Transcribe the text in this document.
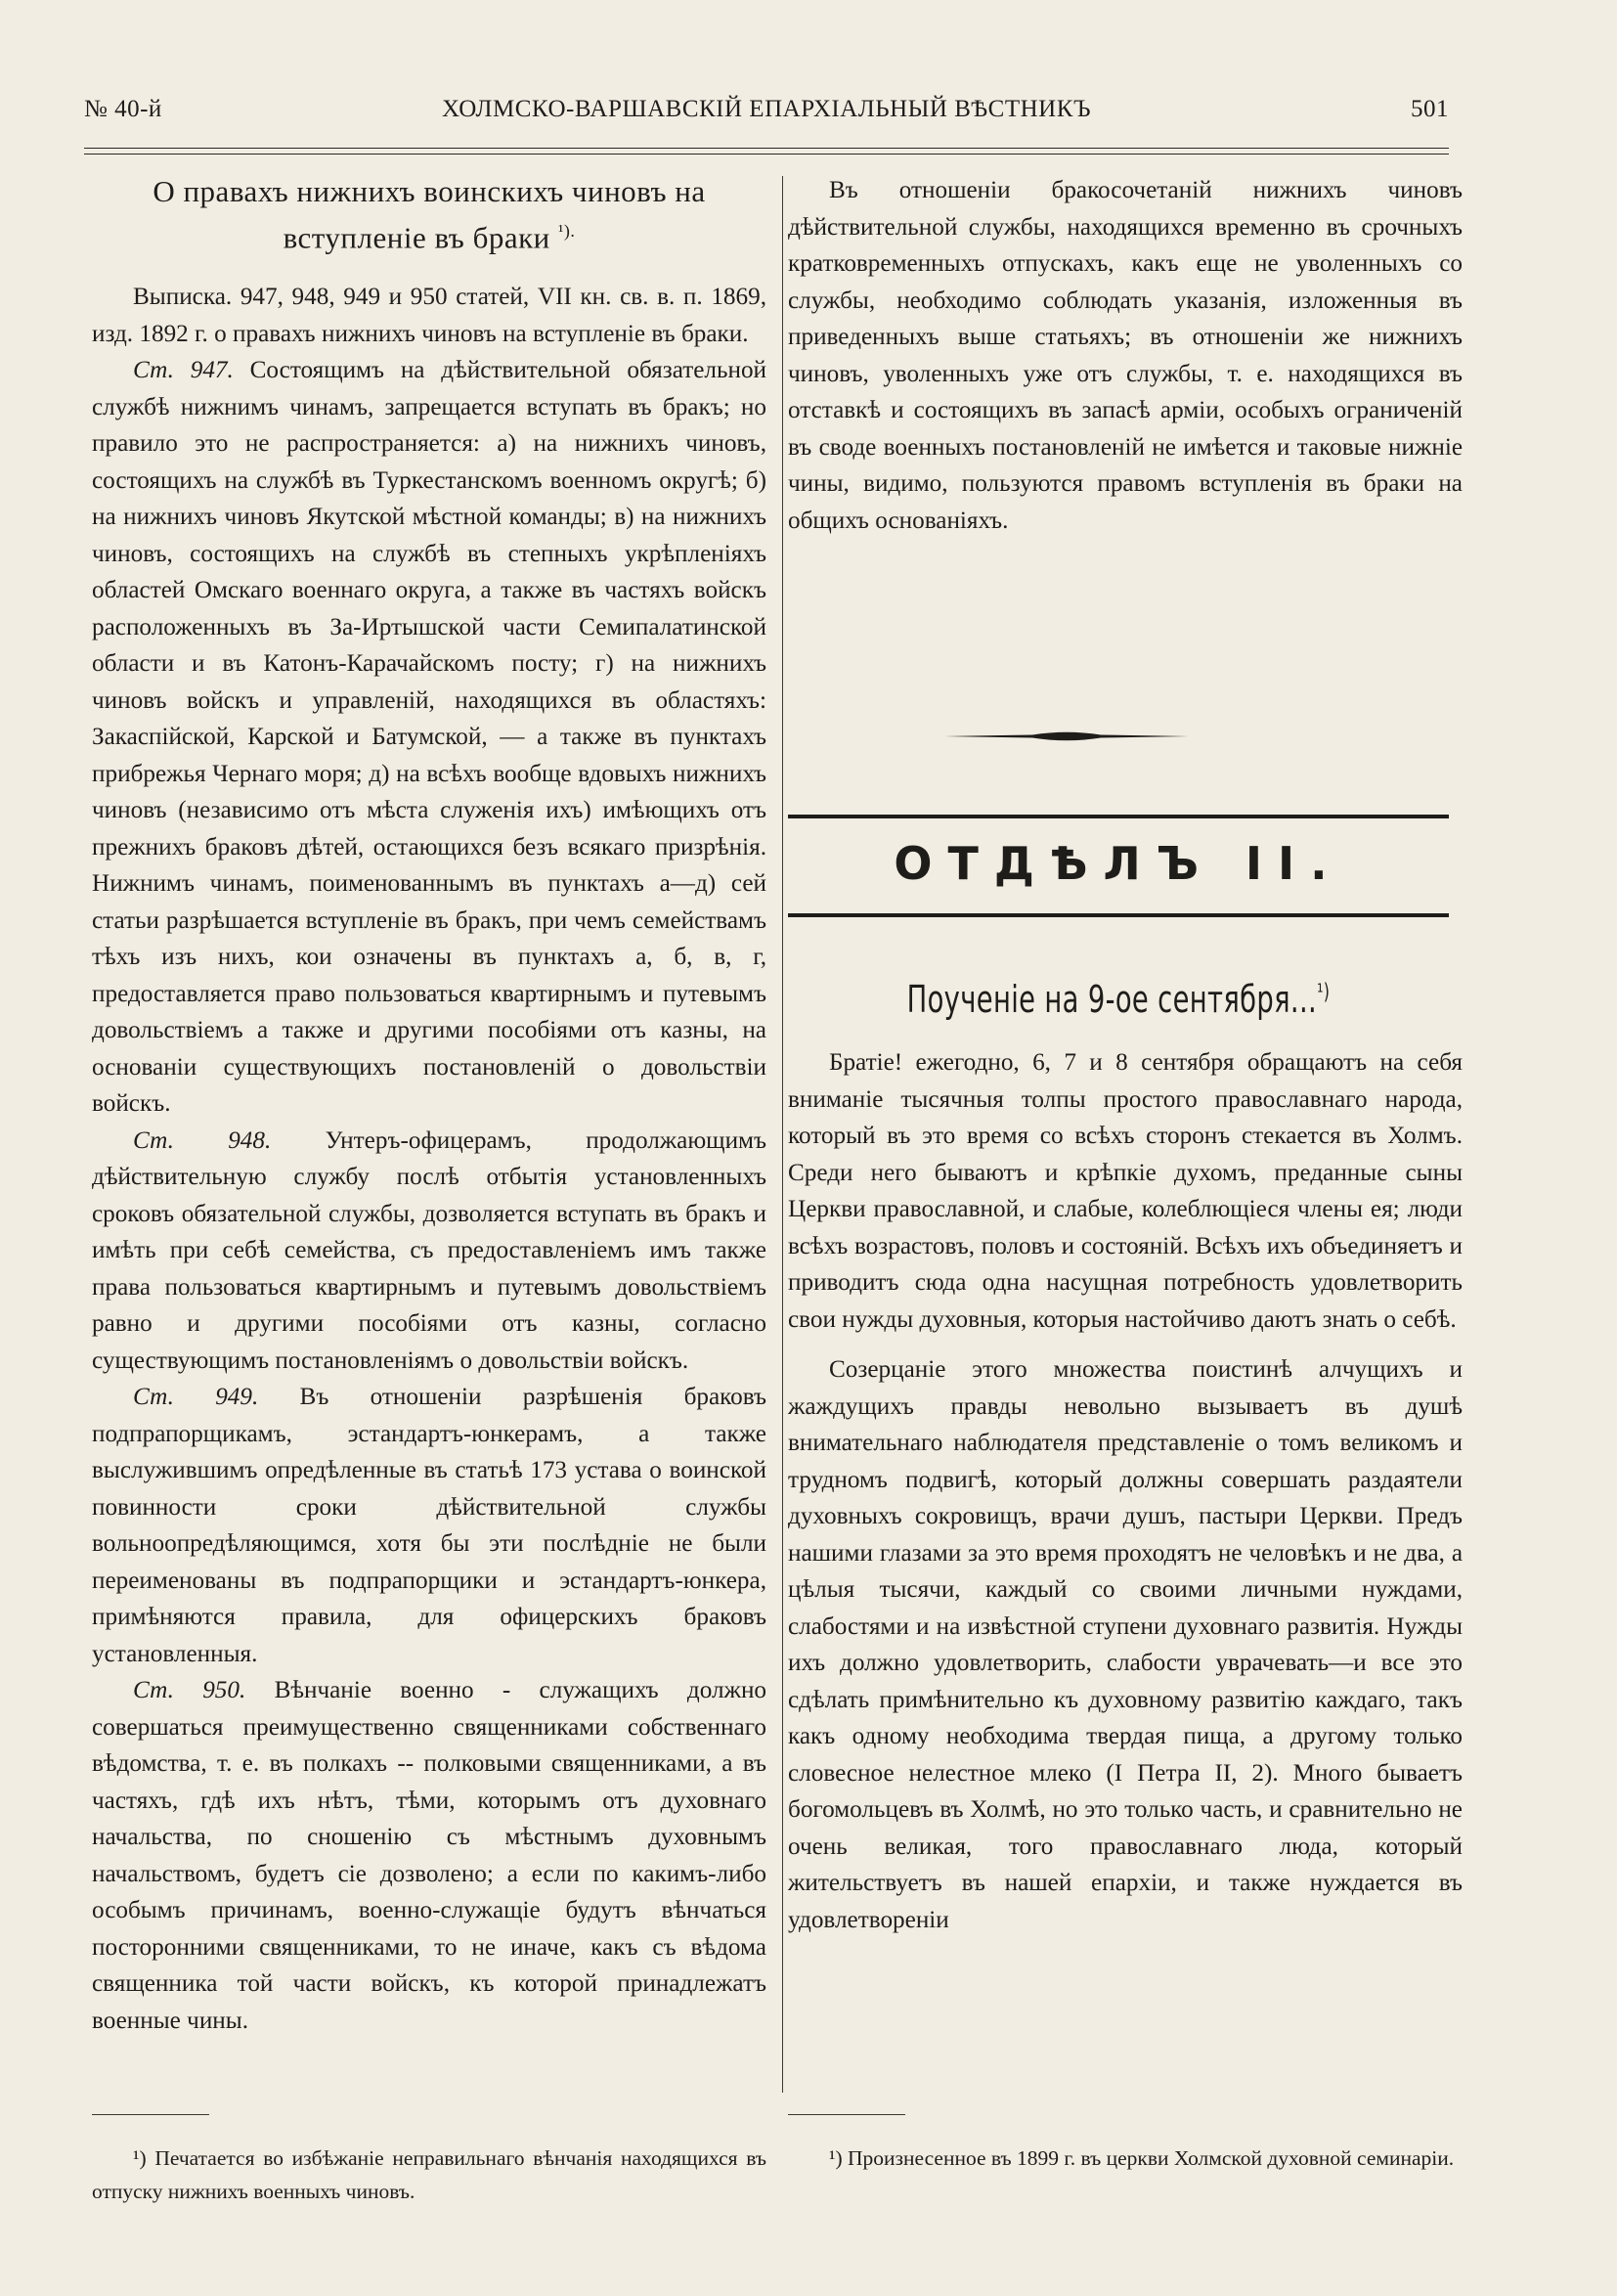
№ 40-й	ХОЛМСКО-ВАРШАВСКІЙ ЕПАРХІАЛЬНЫЙ ВѢСТНИКЪ	501
О правахъ нижнихъ воинскихъ чиновъ на вступленіе въ браки $^{^1).}$

Выписка. 947, 948, 949 и 950 статей, VII кн. св. в. п. 1869, изд. 1892 г. о правахъ нижнихъ чиновъ на вступленіе въ браки.

Ст. 947. Состоящимъ на дѣйствительной обязательной службѣ нижнимъ чинамъ, запрещается вступать въ бракъ; но правило это не распространяется: а) на нижнихъ чиновъ, состоящихъ на службѣ въ Туркестанскомъ военномъ округѣ; б) на нижнихъ чиновъ Якутской мѣстной команды; в) на нижнихъ чиновъ, состоящихъ на службѣ въ степныхъ укрѣпленіяхъ областей Омскаго военнаго округа, а также въ частяхъ войскъ расположенныхъ въ За-Иртышской части Семипалатинской области и въ Катонъ-Карачайскомъ посту; г) на нижнихъ чиновъ войскъ и управленій, находящихся въ областяхъ: Закаспійской, Карской и Батумской, — а также въ пунктахъ прибрежья Чернаго моря; д) на всѣхъ вообще вдовыхъ нижнихъ чиновъ (независимо отъ мѣста служенія ихъ) имѣющихъ отъ прежнихъ браковъ дѣтей, остающихся безъ всякаго призрѣнія. Нижнимъ чинамъ, поименованнымъ въ пунктахъ а—д) сей статьи разрѣшается вступленіе въ бракъ, при чемъ семействамъ тѣхъ изъ нихъ, кои означены въ пунктахъ а, б, в, г, предоставляется право пользоваться квартирнымъ и путевымъ довольствіемъ а также и другими пособіями отъ казны, на основаніи существующихъ постановленій о довольствіи войскъ.

Ст. 948. Унтеръ-офицерамъ, продолжающимъ дѣйствительную службу послѣ отбытія установленныхъ сроковъ обязательной службы, дозволяется вступать въ бракъ и имѣть при себѣ семейства, съ предоставленіемъ имъ также права пользоваться квартирнымъ и путевымъ довольствіемъ равно и другими пособіями отъ казны, согласно существующимъ постановленіямъ о довольствіи войскъ.

Ст. 949. Въ отношеніи разрѣшенія браковъ подпрапорщикамъ, эстандартъ-юнкерамъ, а также выслужившимъ опредѣленные въ статьѣ 173 устава о воинской повинности сроки дѣйствительной службы вольноопредѣляющимся, хотя бы эти послѣдніе не были переименованы въ подпрапорщики и эстандартъ-юнкера, примѣняются правила, для офицерскихъ браковъ установленныя.

Ст. 950. Вѣнчаніе военно - служащихъ должно совершаться преимущественно священниками собственнаго вѣдомства, т. е. въ полкахъ -- полковыми священниками, а въ частяхъ, гдѣ ихъ нѣтъ, тѣми, которымъ отъ духовнаго начальства, по сношенію съ мѣстнымъ духовнымъ начальствомъ, будетъ сіе дозволено; а если по какимъ-либо особымъ причинамъ, военно-служащіе будутъ вѣнчаться посторонними священниками, то не иначе, какъ съ вѣдома священника той части войскъ, къ которой принадлежатъ военные чины.

¹) Печатается во избѣжаніе неправильнаго вѣнчанія находящихся въ отпуску нижнихъ военныхъ чиновъ.

Въ отношеніи бракосочетаній нижнихъ чиновъ дѣйствительной службы, находящихся временно въ срочныхъ кратковременныхъ отпускахъ, какъ еще не уволенныхъ со службы, необходимо соблюдать указанія, изложенныя въ приведенныхъ выше статьяхъ; въ отношеніи же нижнихъ чиновъ, уволенныхъ уже отъ службы, т. е. находящихся въ отставкѣ и состоящихъ въ запасѣ арміи, особыхъ ограниченій въ своде военныхъ постановленій не имѣется и таковые нижніе чины, видимо, пользуются правомъ вступленія въ браки на общихъ основаніяхъ.

ОТДѢЛЪ II.
Поученіе на 9-ое сентября...$^{^1)}$

Братіе! ежегодно, 6, 7 и 8 сентября обращаютъ на себя вниманіе тысячныя толпы простого православнаго народа, который въ это время со всѣхъ сторонъ стекается въ Холмъ. Среди него бываютъ и крѣпкіе духомъ, преданные сыны Церкви православной, и слабые, колеблющіеся члены ея; люди всѣхъ возрастовъ, половъ и состояній. Всѣхъ ихъ объединяетъ и приводитъ сюда одна насущная потребность удовлетворить свои нужды духовныя, которыя настойчиво даютъ знать о себѣ.

Созерцаніе этого множества поистинѣ алчущихъ и жаждущихъ правды невольно вызываетъ въ душѣ внимательнаго наблюдателя представленіе о томъ великомъ и трудномъ подвигѣ, который должны совершать раздаятели духовныхъ сокровищъ, врачи душъ, пастыри Церкви. Предъ нашими глазами за это время проходятъ не человѣкъ и не два, а цѣлыя тысячи, каждый со своими личными нуждами, слабостями и на извѣстной ступени духовнаго развитія. Нужды ихъ должно удовлетворить, слабости уврачевать—и все это сдѣлать примѣнительно къ духовному развитію каждаго, такъ какъ одному необходима твердая пища, а другому только словесное нелестное млеко (I Петра II, 2). Много бываетъ богомольцевъ въ Холмѣ, но это только часть, и сравнительно не очень великая, того православнаго люда, который жительствуетъ въ нашей епархіи, и также нуждается въ удовлетвореніи

¹) Произнесенное въ 1899 г. въ церкви Холмской духовной семинаріи.
